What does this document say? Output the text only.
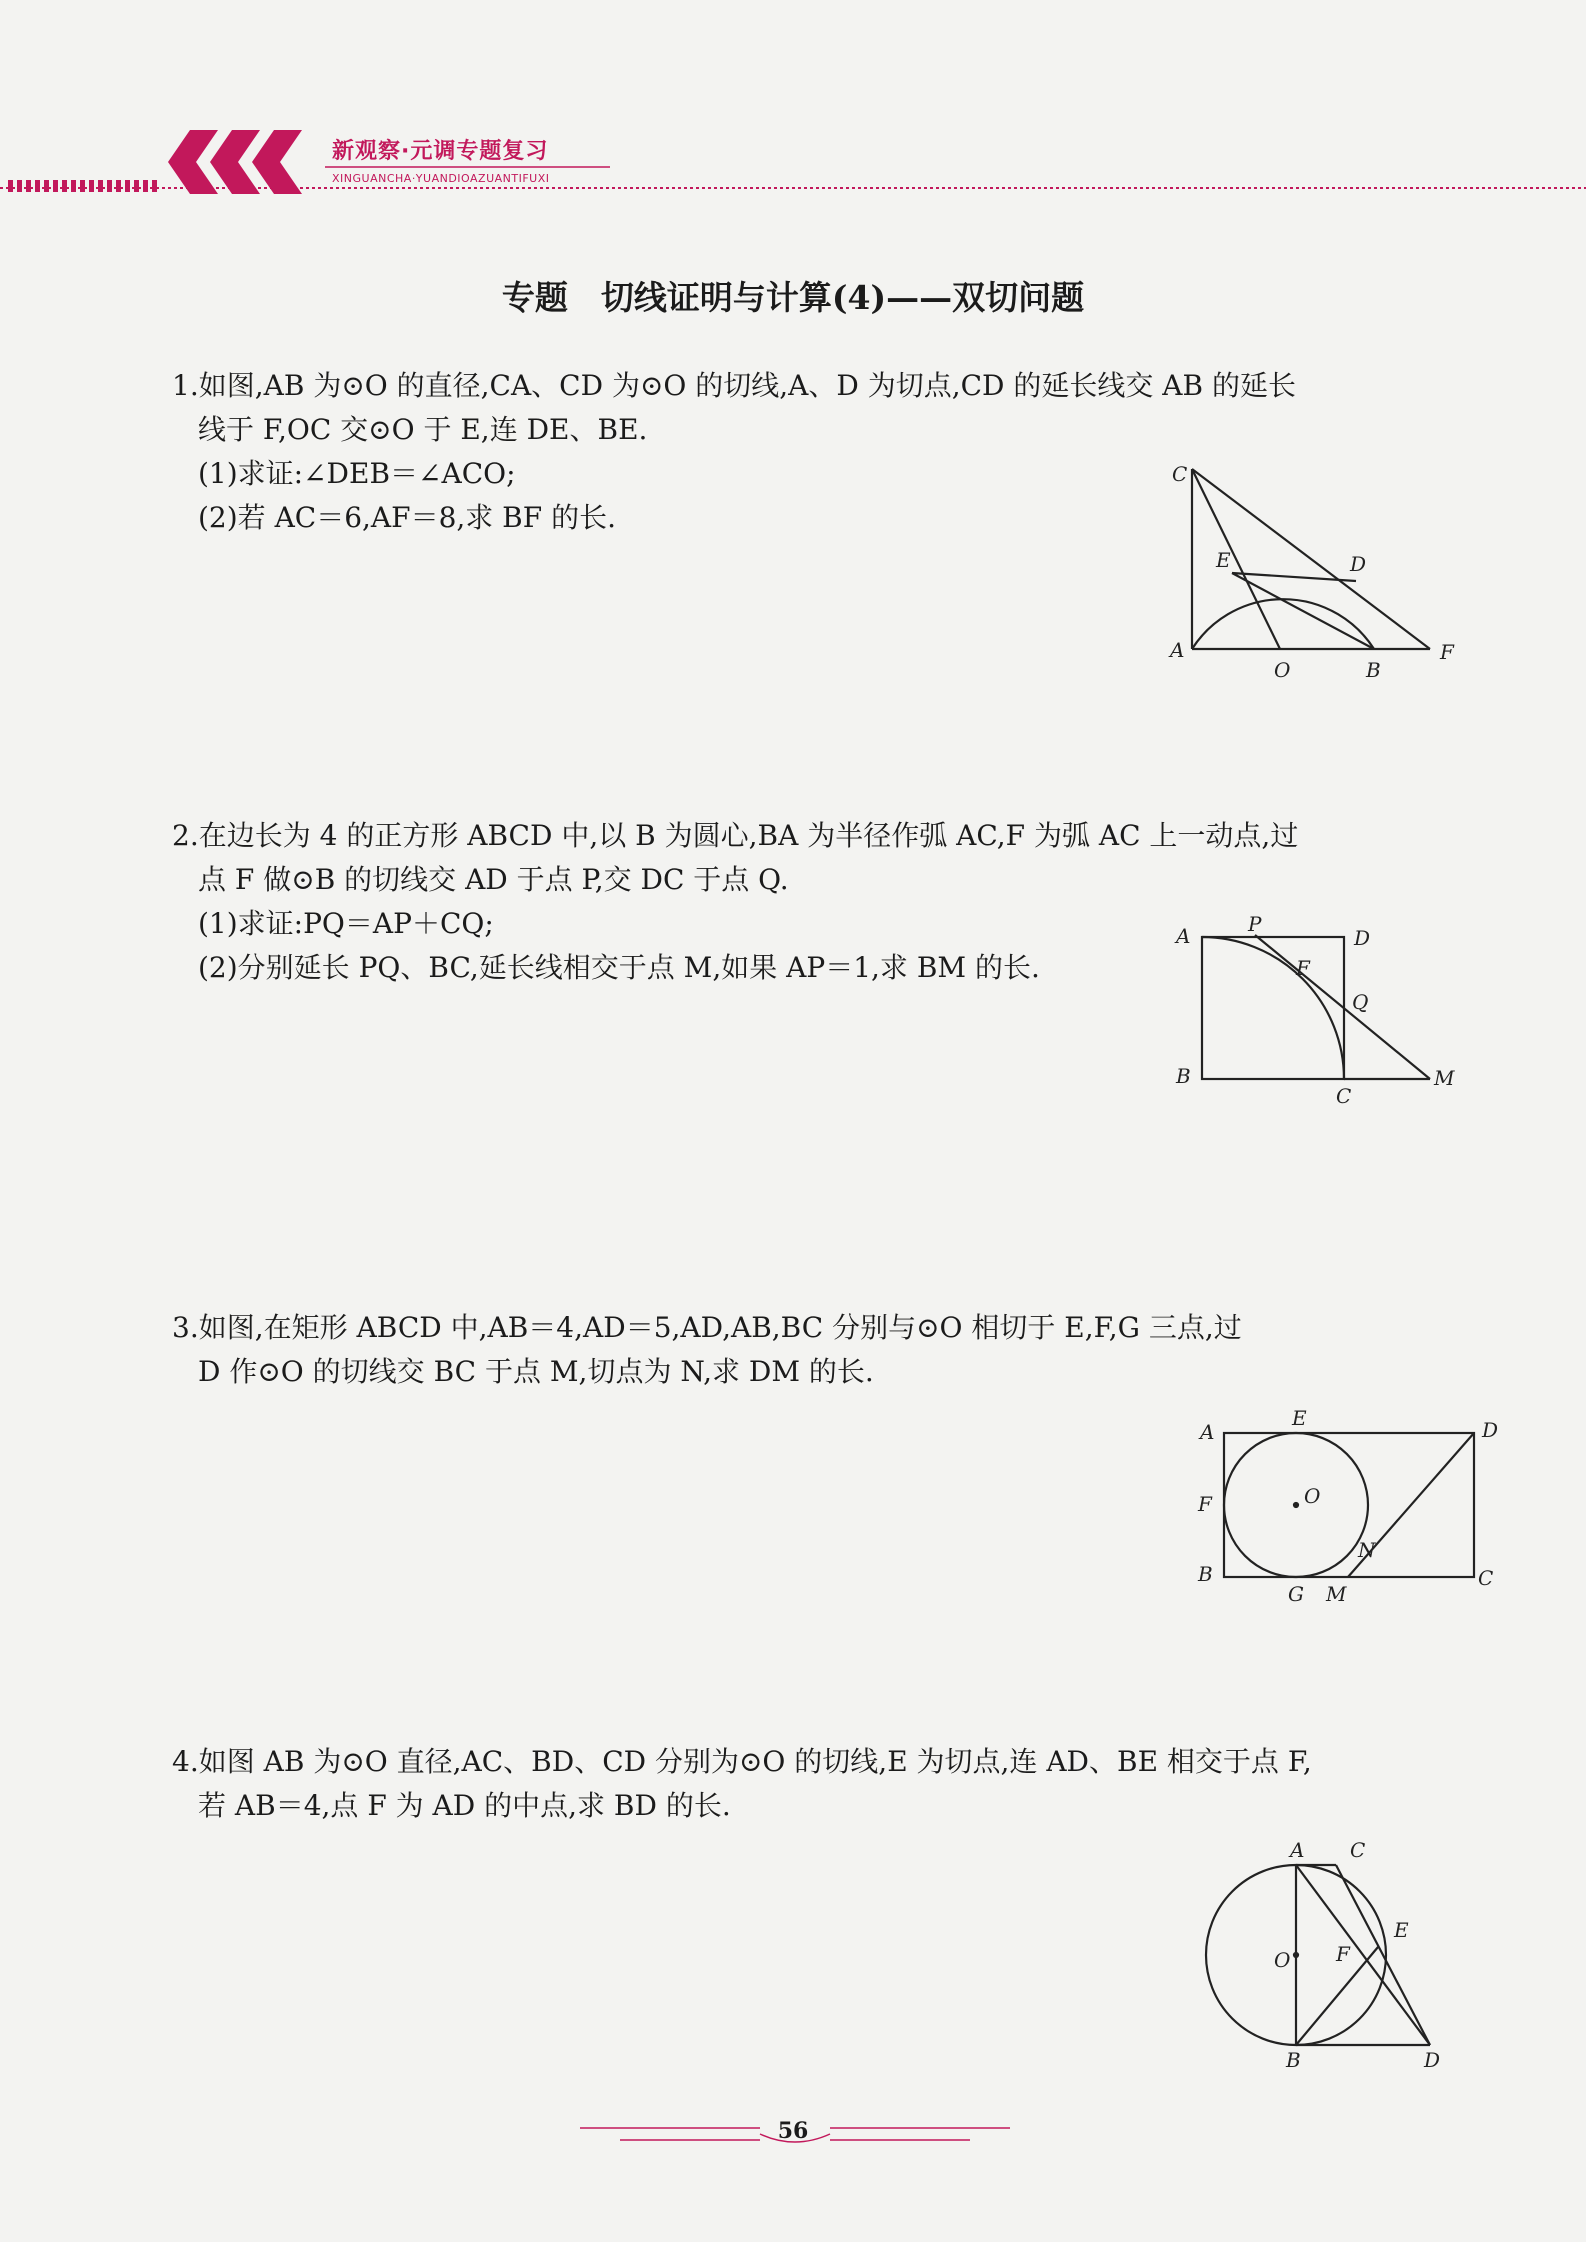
新观察·元调专题复习
XINGUANCHA·YUANDIOAZUANTIFUXI
专题　切线证明与计算(4)——双切问题

1.如图,AB 为⊙O 的直径,CA、CD 为⊙O 的切线,A、D 为切点,CD 的延长线交 AB 的延长

线于 F,OC 交⊙O 于 E,连 DE、BE.

(1)求证:∠DEB＝∠ACO;

(2)若 AC＝6,AF＝8,求 BF 的长.

C
E	D
A
O	B
F

2.在边长为 4 的正方形 ABCD 中,以 B 为圆心,BA 为半径作弧 AC,F 为弧 AC 上一动点,过

点 F 做⊙B 的切线交 AD 于点 P,交 DC 于点 Q.

(1)求证:PQ＝AP＋CQ;

(2)分别延长 PQ、BC,延长线相交于点 M,如果 AP＝1,求 BM 的长.

A	P
D
F
Q
B
C
M

3.如图,在矩形 ABCD 中,AB＝4,AD＝5,AD,AB,BC 分别与⊙O 相切于 E,F,G 三点,过

D 作⊙O 的切线交 BC 于点 M,切点为 N,求 DM 的长.

A
E	D
F	O
N
B
G M
C

4.如图 AB 为⊙O 直径,AC、BD、CD 分别为⊙O 的切线,E 为切点,连 AD、BE 相交于点 F,

若 AB＝4,点 F 为 AD 的中点,求 BD 的长.

A C
E
O F
B	D
56
